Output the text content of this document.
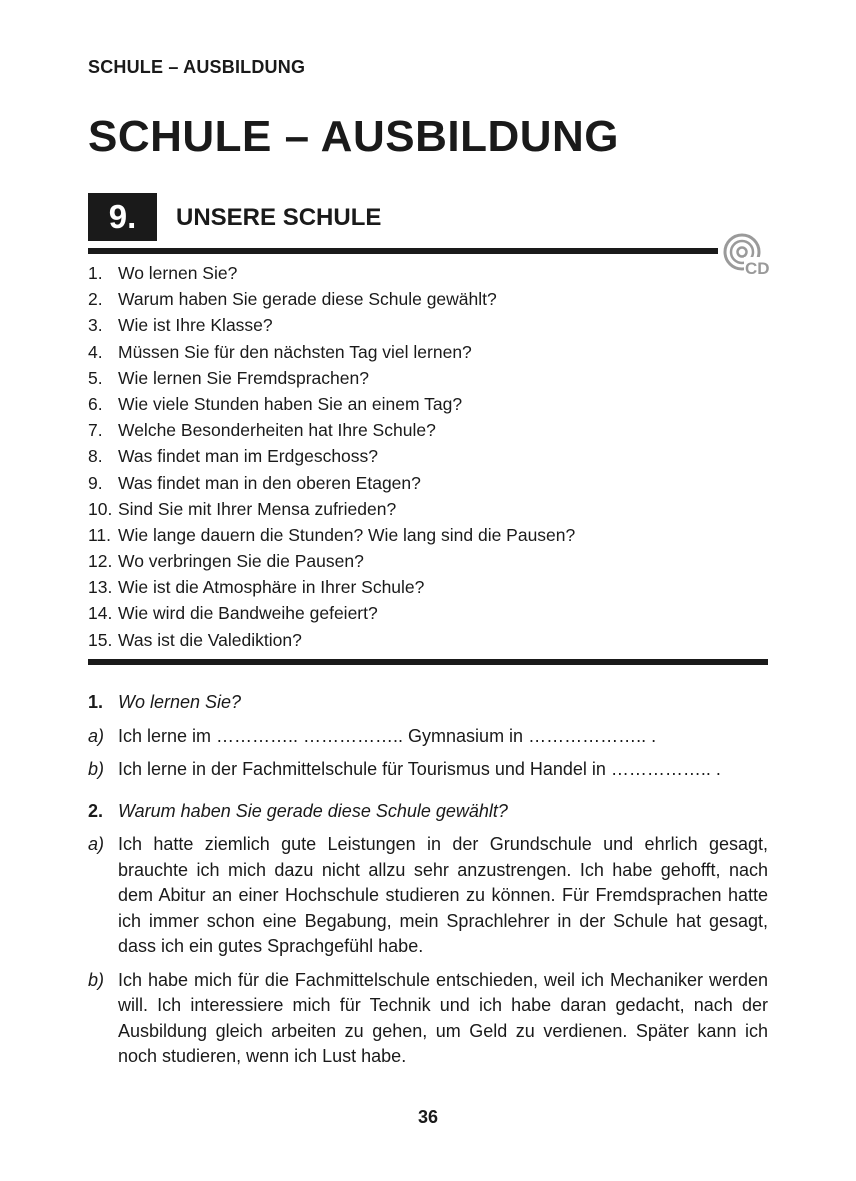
SCHULE – AUSBILDUNG
SCHULE – AUSBILDUNG
9.	UNSERE SCHULE
CD
1. Wo lernen Sie?
2. Warum haben Sie gerade diese Schule gewählt?
3. Wie ist Ihre Klasse?
4. Müssen Sie für den nächsten Tag viel lernen?
5. Wie lernen Sie Fremdsprachen?
6. Wie viele Stunden haben Sie an einem Tag?
7. Welche Besonderheiten hat Ihre Schule?
8. Was findet man im Erdgeschoss?
9. Was findet man in den oberen Etagen?
10. Sind Sie mit Ihrer Mensa zufrieden?
11. Wie lange dauern die Stunden? Wie lang sind die Pausen?
12. Wo verbringen Sie die Pausen?
13. Wie ist die Atmosphäre in Ihrer Schule?
14. Wie wird die Bandweihe gefeiert?
15. Was ist die Valediktion?
1. Wo lernen Sie?
a) Ich lerne im ………….. …………….. Gymnasium in ……………….. .
b) Ich lerne in der Fachmittelschule für Tourismus und Handel in …………….. .
2. Warum haben Sie gerade diese Schule gewählt?
a) Ich hatte ziemlich gute Leistungen in der Grundschule und ehrlich gesagt, brauchte ich mich dazu nicht allzu sehr anzustrengen. Ich habe gehofft, nach dem Abitur an einer Hochschule studieren zu können. Für Fremdsprachen hatte ich immer schon eine Begabung, mein Sprachlehrer in der Schule hat gesagt, dass ich ein gutes Sprachgefühl habe.
b) Ich habe mich für die Fachmittelschule entschieden, weil ich Mechaniker werden will. Ich interessiere mich für Technik und ich habe daran gedacht, nach der Ausbildung gleich arbeiten zu gehen, um Geld zu verdienen. Später kann ich noch studieren, wenn ich Lust habe.
36
